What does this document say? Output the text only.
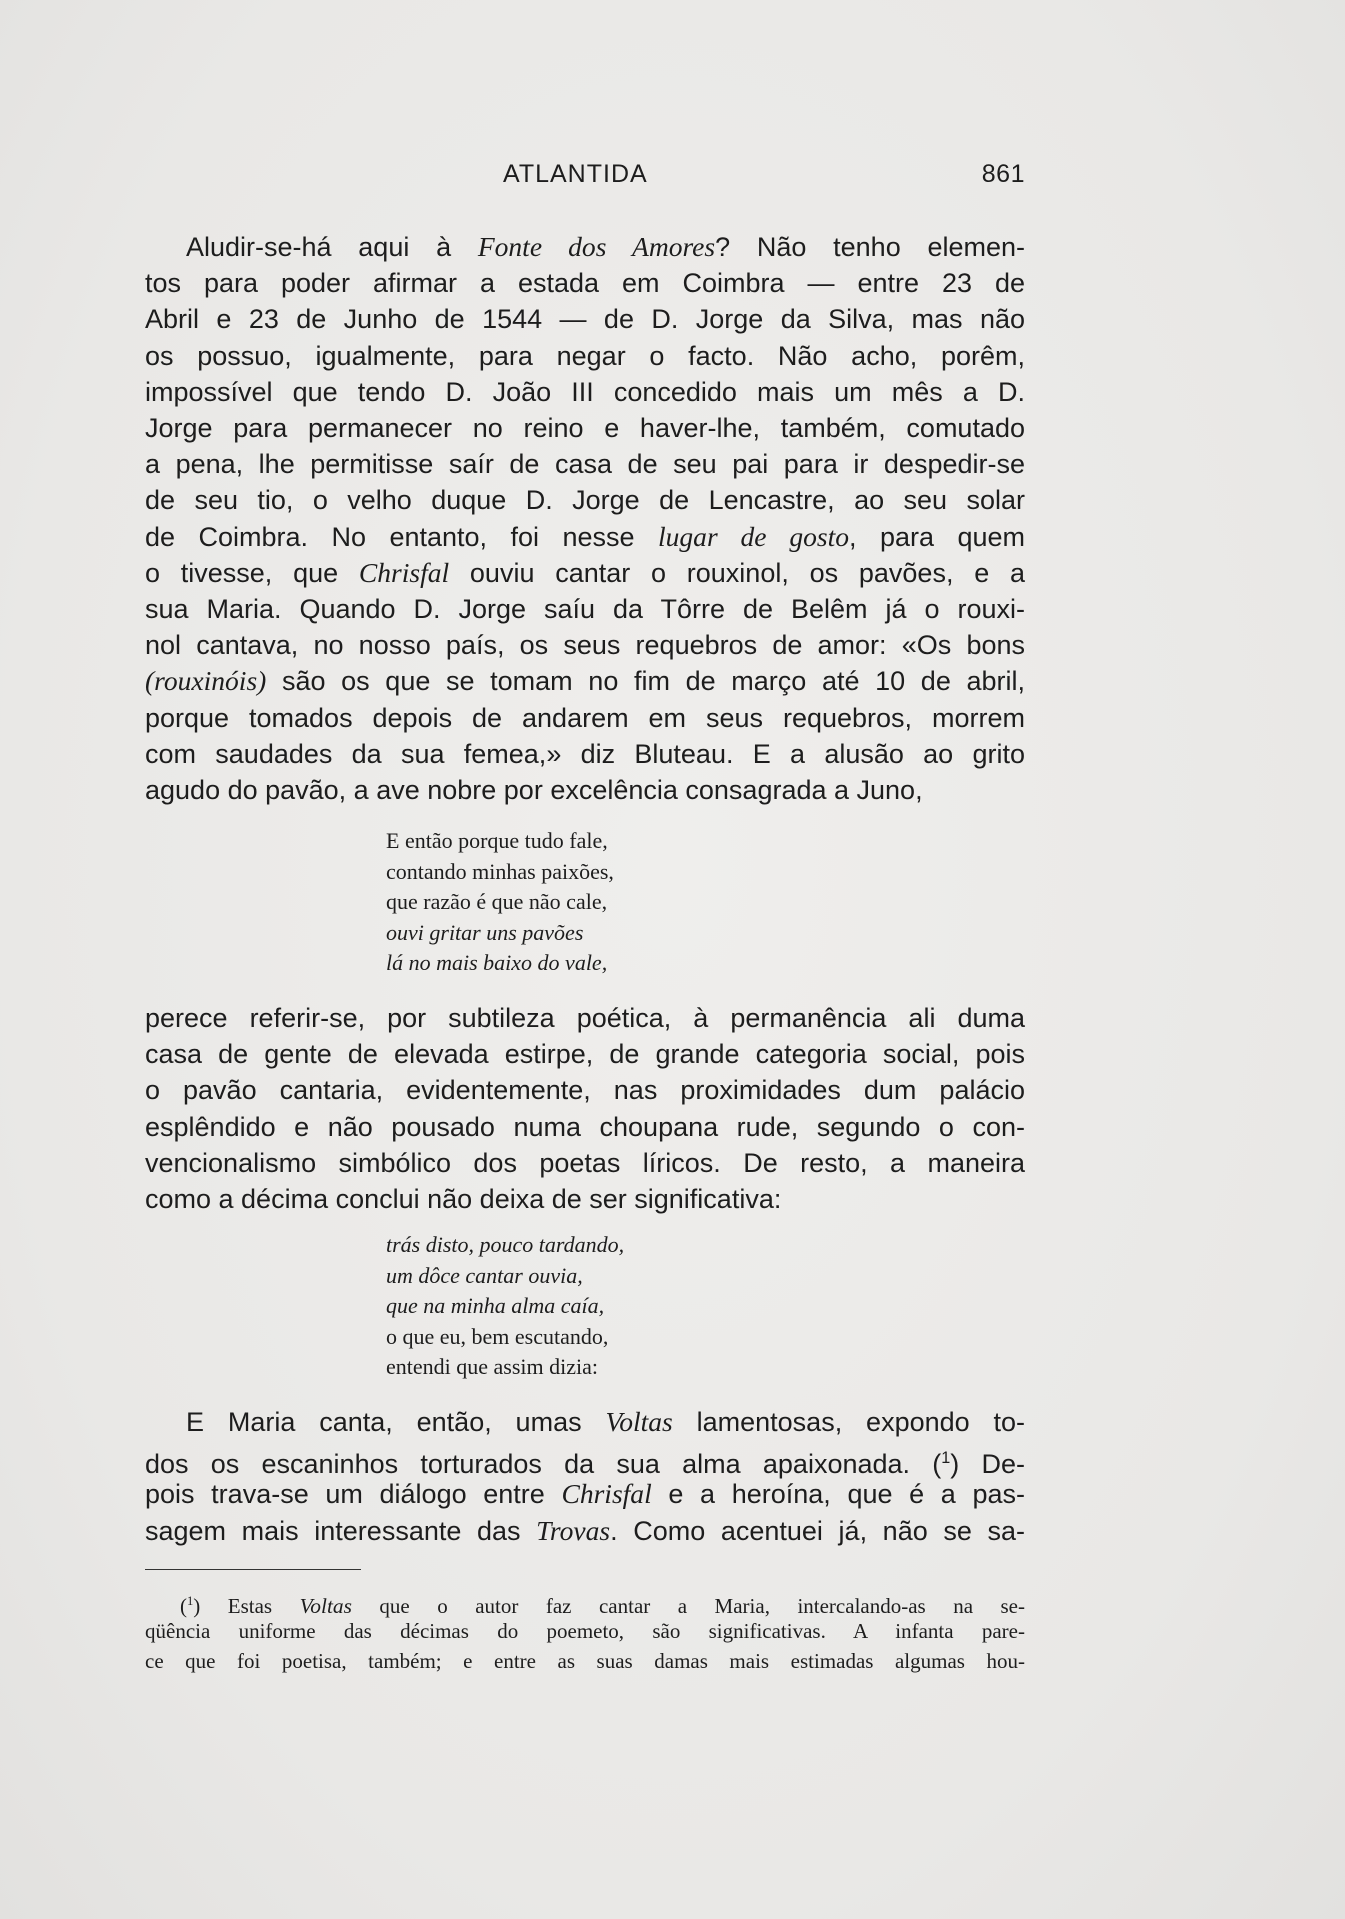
ATLANTIDA	861
Aludir-se-há aqui à Fonte dos Amores? Não tenho elemen-
tos para poder afirmar a estada em Coimbra — entre 23 de
Abril e 23 de Junho de 1544 — de D. Jorge da Silva, mas não
os possuo, igualmente, para negar o facto. Não acho, porêm,
impossível que tendo D. João III concedido mais um mês a D.
Jorge para permanecer no reino e haver-lhe, também, comutado
a pena, lhe permitisse saír de casa de seu pai para ir despedir-se
de seu tio, o velho duque D. Jorge de Lencastre, ao seu solar
de Coimbra. No entanto, foi nesse lugar de gosto, para quem
o tivesse, que Chrisfal ouviu cantar o rouxinol, os pavões, e a
sua Maria. Quando D. Jorge saíu da Tôrre de Belêm já o rouxi-
nol cantava, no nosso país, os seus requebros de amor: «Os bons
(rouxinóis) são os que se tomam no fim de março até 10 de abril,
porque tomados depois de andarem em seus requebros, morrem
com saudades da sua femea,» diz Bluteau. E a alusão ao grito
agudo do pavão, a ave nobre por excelência consagrada a Juno,
E então porque tudo fale,
contando minhas paixões,
que razão é que não cale,
ouvi gritar uns pavões
lá no mais baixo do vale,
perece referir-se, por subtileza poética, à permanência ali duma
casa de gente de elevada estirpe, de grande categoria social, pois
o pavão cantaria, evidentemente, nas proximidades dum palácio
esplêndido e não pousado numa choupana rude, segundo o con-
vencionalismo simbólico dos poetas líricos. De resto, a maneira
como a décima conclui não deixa de ser significativa:
trás disto, pouco tardando,
um dôce cantar ouvia,
que na minha alma caía,
o que eu, bem escutando,
entendi que assim dizia:
E Maria canta, então, umas Voltas lamentosas, expondo to-
dos os escaninhos torturados da sua alma apaixonada. ($^1$) De-
pois trava-se um diálogo entre Chrisfal e a heroína, que é a pas-
sagem mais interessante das Trovas. Como acentuei já, não se sa-
($^1$) Estas Voltas que o autor faz cantar a Maria, intercalando-as na se-
qüência uniforme das décimas do poemeto, são significativas. A infanta pare-
ce que foi poetisa, também; e entre as suas damas mais estimadas algumas hou-
